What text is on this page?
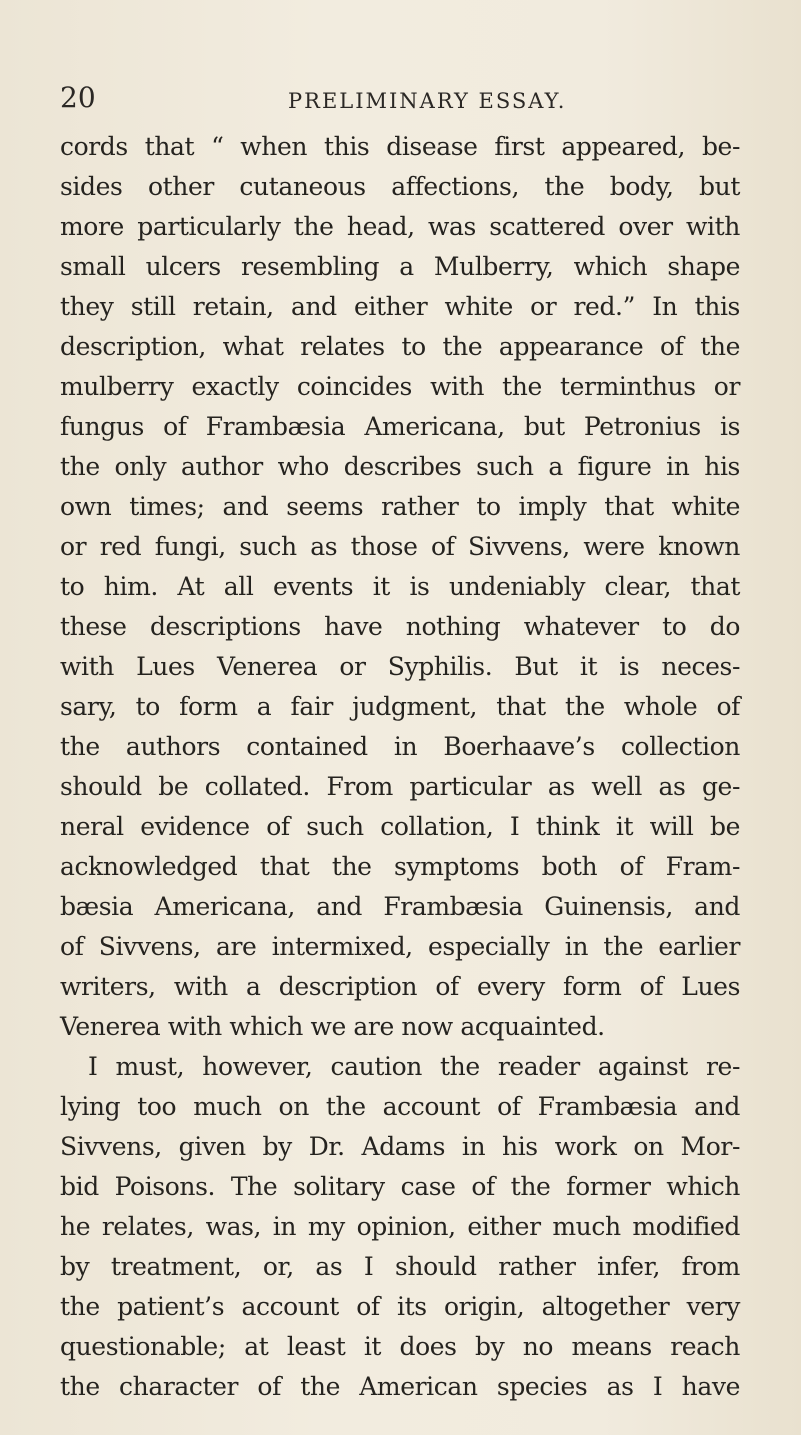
20	PRELIMINARY ESSAY.
cords that “ when this disease first appeared, be-
sides other cutaneous affections, the body, but
more particularly the head, was scattered over with
small ulcers resembling a Mulberry, which shape
they still retain, and either white or red.” In this
description, what relates to the appearance of the
mulberry exactly coincides with the terminthus or
fungus of Frambæsia Americana, but Petronius is
the only author who describes such a figure in his
own times; and seems rather to imply that white
or red fungi, such as those of Sivvens, were known
to him. At all events it is undeniably clear, that
these descriptions have nothing whatever to do
with Lues Venerea or Syphilis. But it is neces-
sary, to form a fair judgment, that the whole of
the authors contained in Boerhaave’s collection
should be collated. From particular as well as ge-
neral evidence of such collation, I think it will be
acknowledged that the symptoms both of Fram-
bæsia Americana, and Frambæsia Guinensis, and
of Sivvens, are intermixed, especially in the earlier
writers, with a description of every form of Lues
Venerea with which we are now acquainted.
I must, however, caution the reader against re-
lying too much on the account of Frambæsia and
Sivvens, given by Dr. Adams in his work on Mor-
bid Poisons. The solitary case of the former which
he relates, was, in my opinion, either much modified
by treatment, or, as I should rather infer, from
the patient’s account of its origin, altogether very
questionable; at least it does by no means reach
the character of the American species as I have
